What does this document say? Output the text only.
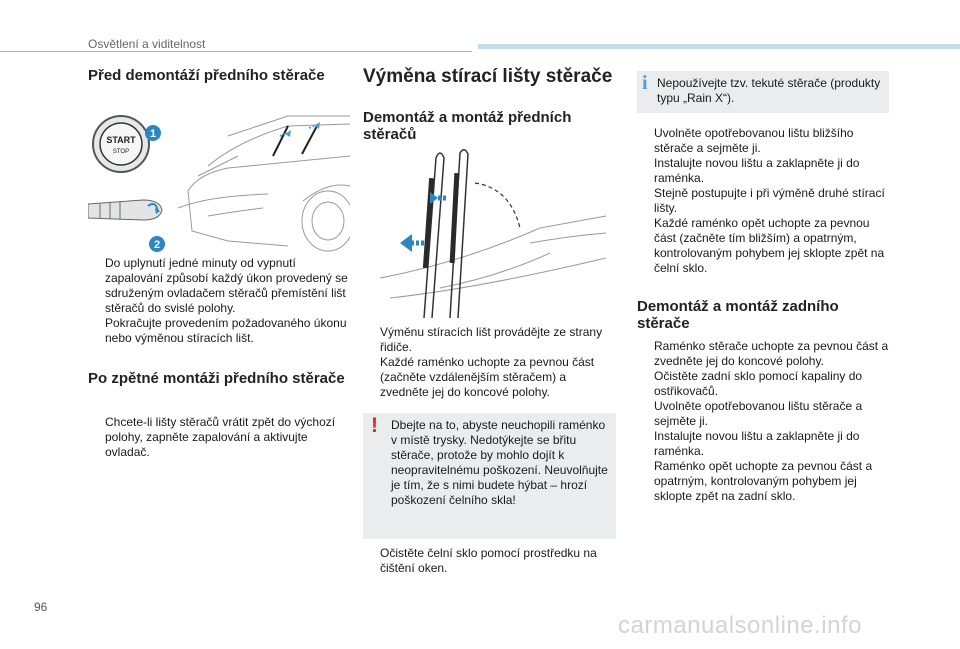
Osvětlení a viditelnost
Před demontáží předního stěrače
START
STOP
1
2
Do uplynutí jedné minuty od vypnutí zapalování způsobí každý úkon provedený se sdruženým ovladačem stěračů přemístění lišt stěračů do svislé polohy.
Pokračujte provedením požadovaného úkonu nebo výměnou stíracích lišt.
Po zpětné montáži předního stěrače
Chcete-li lišty stěračů vrátit zpět do výchozí polohy, zapněte zapalování a aktivujte ovladač.
Výměna stírací lišty stěrače
Demontáž a montáž předních stěračů
Výměnu stíracích lišt provádějte ze strany řidiče.
Každé raménko uchopte za pevnou část (začněte vzdálenějším stěračem) a zvedněte jej do koncové polohy.
! Dbejte na to, abyste neuchopili raménko v místě trysky. Nedotýkejte se břitu stěrače, protože by mohlo dojít k neopravitelnému poškození. Neuvolňujte je tím, že s nimi budete hýbat – hrozí poškození čelního skla!
Očistěte čelní sklo pomocí prostředku na čištění oken.
i Nepoužívejte tzv. tekuté stěrače (produkty typu „Rain X“).
Uvolněte opotřebovanou lištu bližšího stěrače a sejměte ji.
Instalujte novou lištu a zaklapněte ji do raménka.
Stejně postupujte i při výměně druhé stírací lišty.
Každé raménko opět uchopte za pevnou část (začněte tím bližším) a opatrným, kontrolovaným pohybem jej sklopte zpět na čelní sklo.
Demontáž a montáž zadního stěrače
Raménko stěrače uchopte za pevnou část a zvedněte jej do koncové polohy.
Očistěte zadní sklo pomocí kapaliny do ostřikovačů.
Uvolněte opotřebovanou lištu stěrače a sejměte ji.
Instalujte novou lištu a zaklapněte ji do raménka.
Raménko opět uchopte za pevnou část a opatrným, kontrolovaným pohybem jej sklopte zpět na zadní sklo.
96
carmanualsonline.info
